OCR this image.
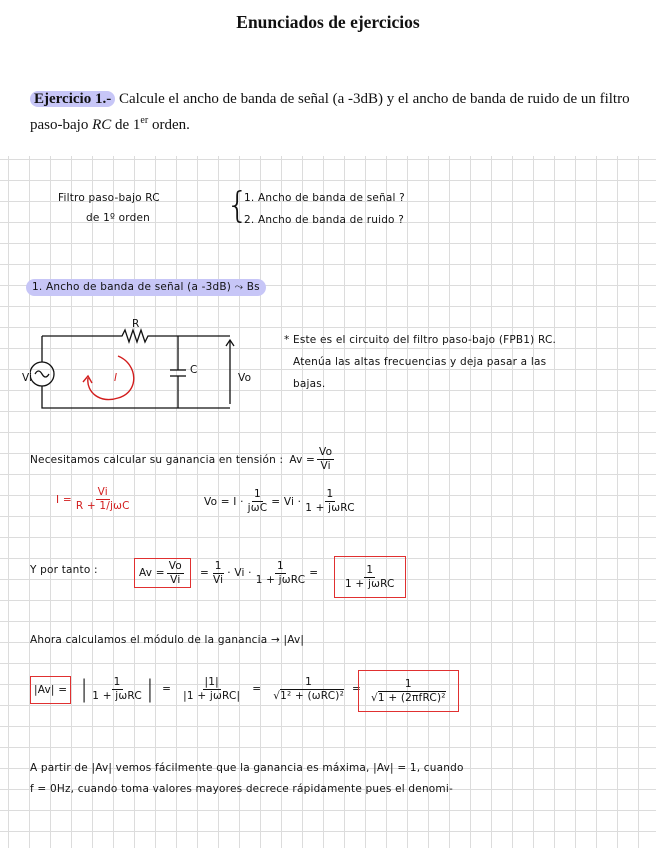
Enunciados de ejercicios
Ejercicio 1.- Calcule el ancho de banda de señal (a -3dB) y el ancho de banda de ruido de un filtro paso-bajo RC de 1er orden.
Filtro paso-bajo RC
de 1º orden {
1. Ancho de banda de señal ?
2. Ancho de banda de ruido ?
1. Ancho de banda de señal (a -3dB) ⤳ Bs
R
C
Vi	Vo
I
* Este es el circuito del filtro paso-bajo (FPB1) RC.
Atenúa las altas frecuencias y deja pasar a las
bajas.
Necesitamos calcular su ganancia en tensión : $Av = \frac{Vo}{Vi}$
$I = \frac{Vi}{\text{R + 1/jωC}}$	$Vo = I \cdot \frac{1}{\text{jωC}} = Vi \cdot \frac{1}{\text{1 + jωRC}}$
Y por tanto :	$Av = \frac{Vo}{Vi} = \frac{1}{Vi} \cdot Vi \cdot \frac{1}{\text{1 + jωRC}} = \frac{1}{\text{1 + jωRC}}$
Ahora calculamos el módulo de la ganancia → |Av|
|Av| = | $\frac{1}{\text{1 + jωRC}}$ | = $\frac{|1|}{\text{|1 + jωRC|}} = \frac{1}{\text{√1² + (ωRC)²}} = \frac{1}{\text{√1 + (2πfRC)²}}$
A partir de |Av| vemos fácilmente que la ganancia es máxima, |Av| = 1, cuando
f = 0Hz, cuando toma valores mayores decrece rápidamente pues el denomi-
